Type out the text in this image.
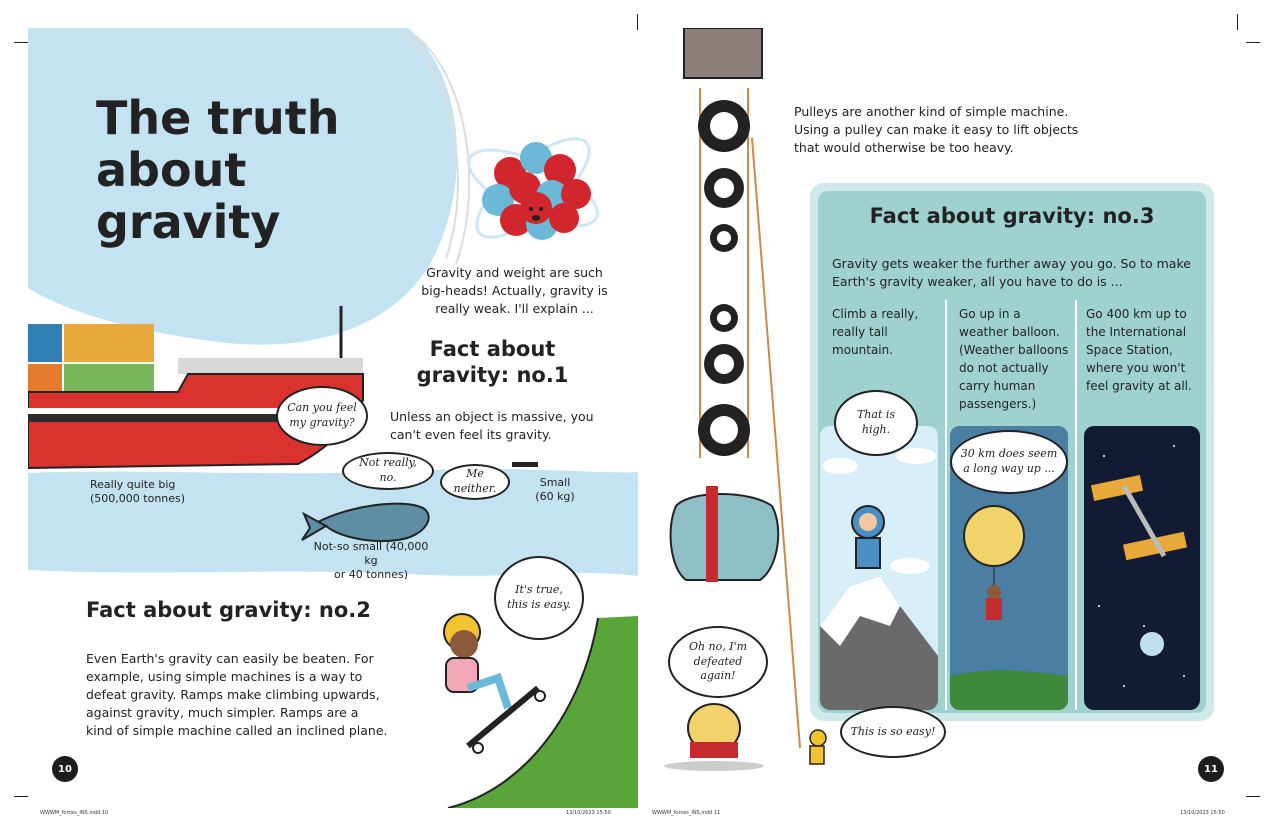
The truth
about
gravity
Gravity and weight are such
big-heads! Actually, gravity is
really weak. I'll explain ...
Fact about
gravity: no.1
Unless an object is massive, you
can't even feel its gravity.
Can you feel my gravity?
Not really, no.	Me neither.
Really quite big
(500,000 tonnes)
Not-so small (40,000 kg
or 40 tonnes)
Small
(60 kg)
Fact about gravity: no.2
Even Earth's gravity can easily be beaten. For
example, using simple machines is a way to
defeat gravity. Ramps make climbing upwards,
against gravity, much simpler. Ramps are a
kind of simple machine called an inclined plane.
It's true, this is easy.
10
WWWM_forces_INS.indd 10	13/10/2023 15:50
Pulleys are another kind of simple machine.
Using a pulley can make it easy to lift objects
that would otherwise be too heavy.
Fact about gravity: no.3
Gravity gets weaker the further away you go. So to make
Earth's gravity weaker, all you have to do is ...
Climb a really,
really tall
mountain.
Go up in a
weather balloon.
(Weather balloons
do not actually
carry human
passengers.)
Go 400 km up to
the International
Space Station,
where you won't
feel gravity at all.
That is high.
30 km does seem a long way up ...
Oh no, I'm defeated again!
This is so easy!
11
WWWM_forces_INS.indd 11	13/10/2023 15:50
